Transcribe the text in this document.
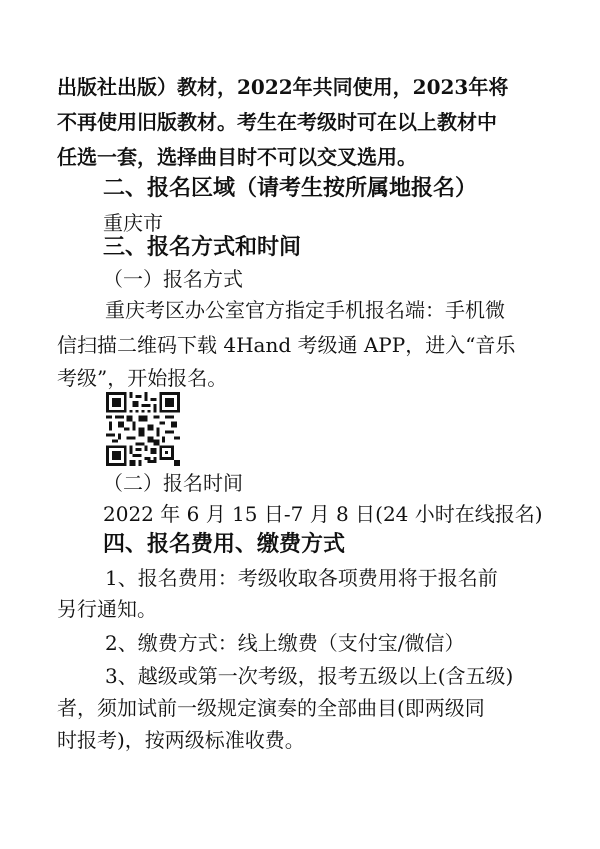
出版社出版）教材，2022年共同使用，2023年将
不再使用旧版教材。考生在考级时可在以上教材中
任选一套，选择曲目时不可以交叉选用。
二、报名区域（请考生按所属地报名）
重庆市
三、报名方式和时间
（一）报名方式
重庆考区办公室官方指定手机报名端：手机微
信扫描二维码下载 4Hand 考级通 APP，进入“音乐
考级”，开始报名。
（二）报名时间
2022 年 6 月 15 日-7 月 8 日(24 小时在线报名)
四、报名费用、缴费方式
1、报名费用：考级收取各项费用将于报名前
另行通知。
2、缴费方式：线上缴费（支付宝/微信）
3、越级或第一次考级，报考五级以上(含五级)
者，须加试前一级规定演奏的全部曲目(即两级同
时报考)，按两级标准收费。
